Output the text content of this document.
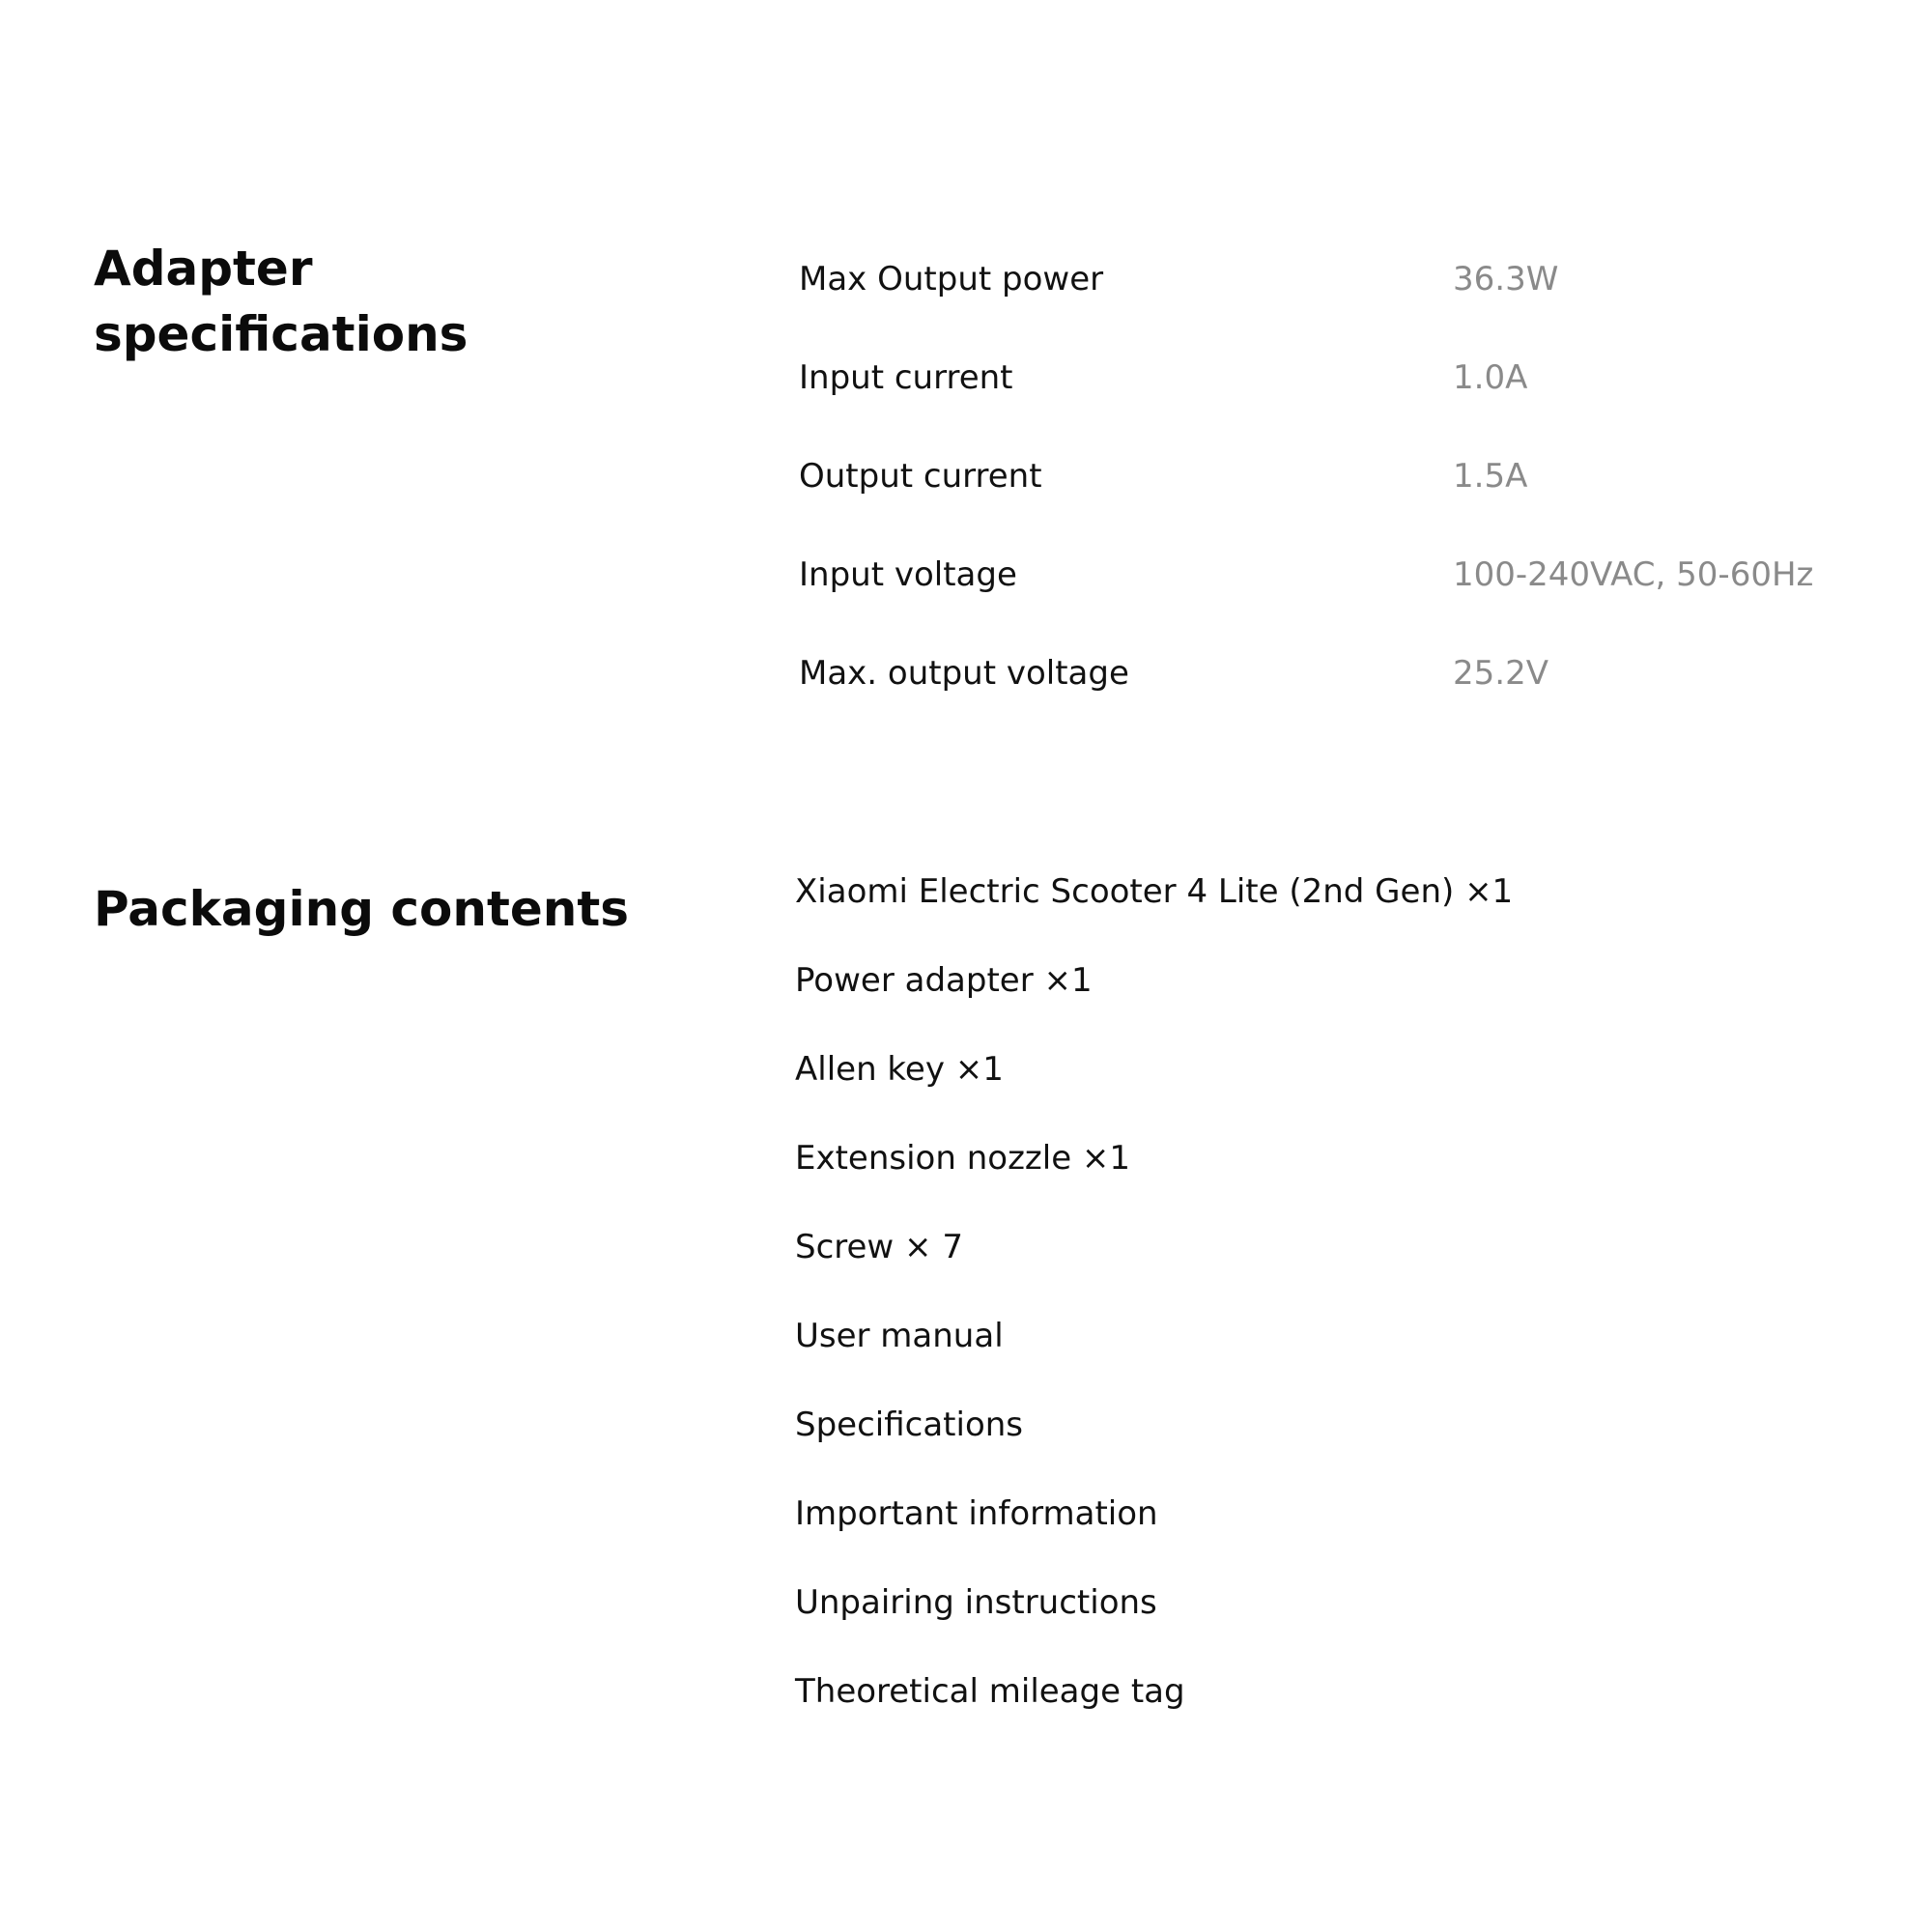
Adapter specifications
Max Output power	36.3W
Input current	1.0A
Output current	1.5A
Input voltage	100-240VAC, 50-60Hz
Max. output voltage	25.2V
Packaging contents	Xiaomi Electric Scooter 4 Lite (2nd Gen) ×1
Power adapter ×1
Allen key ×1
Extension nozzle ×1
Screw × 7
User manual
Specifications
Important information
Unpairing instructions
Theoretical mileage tag
